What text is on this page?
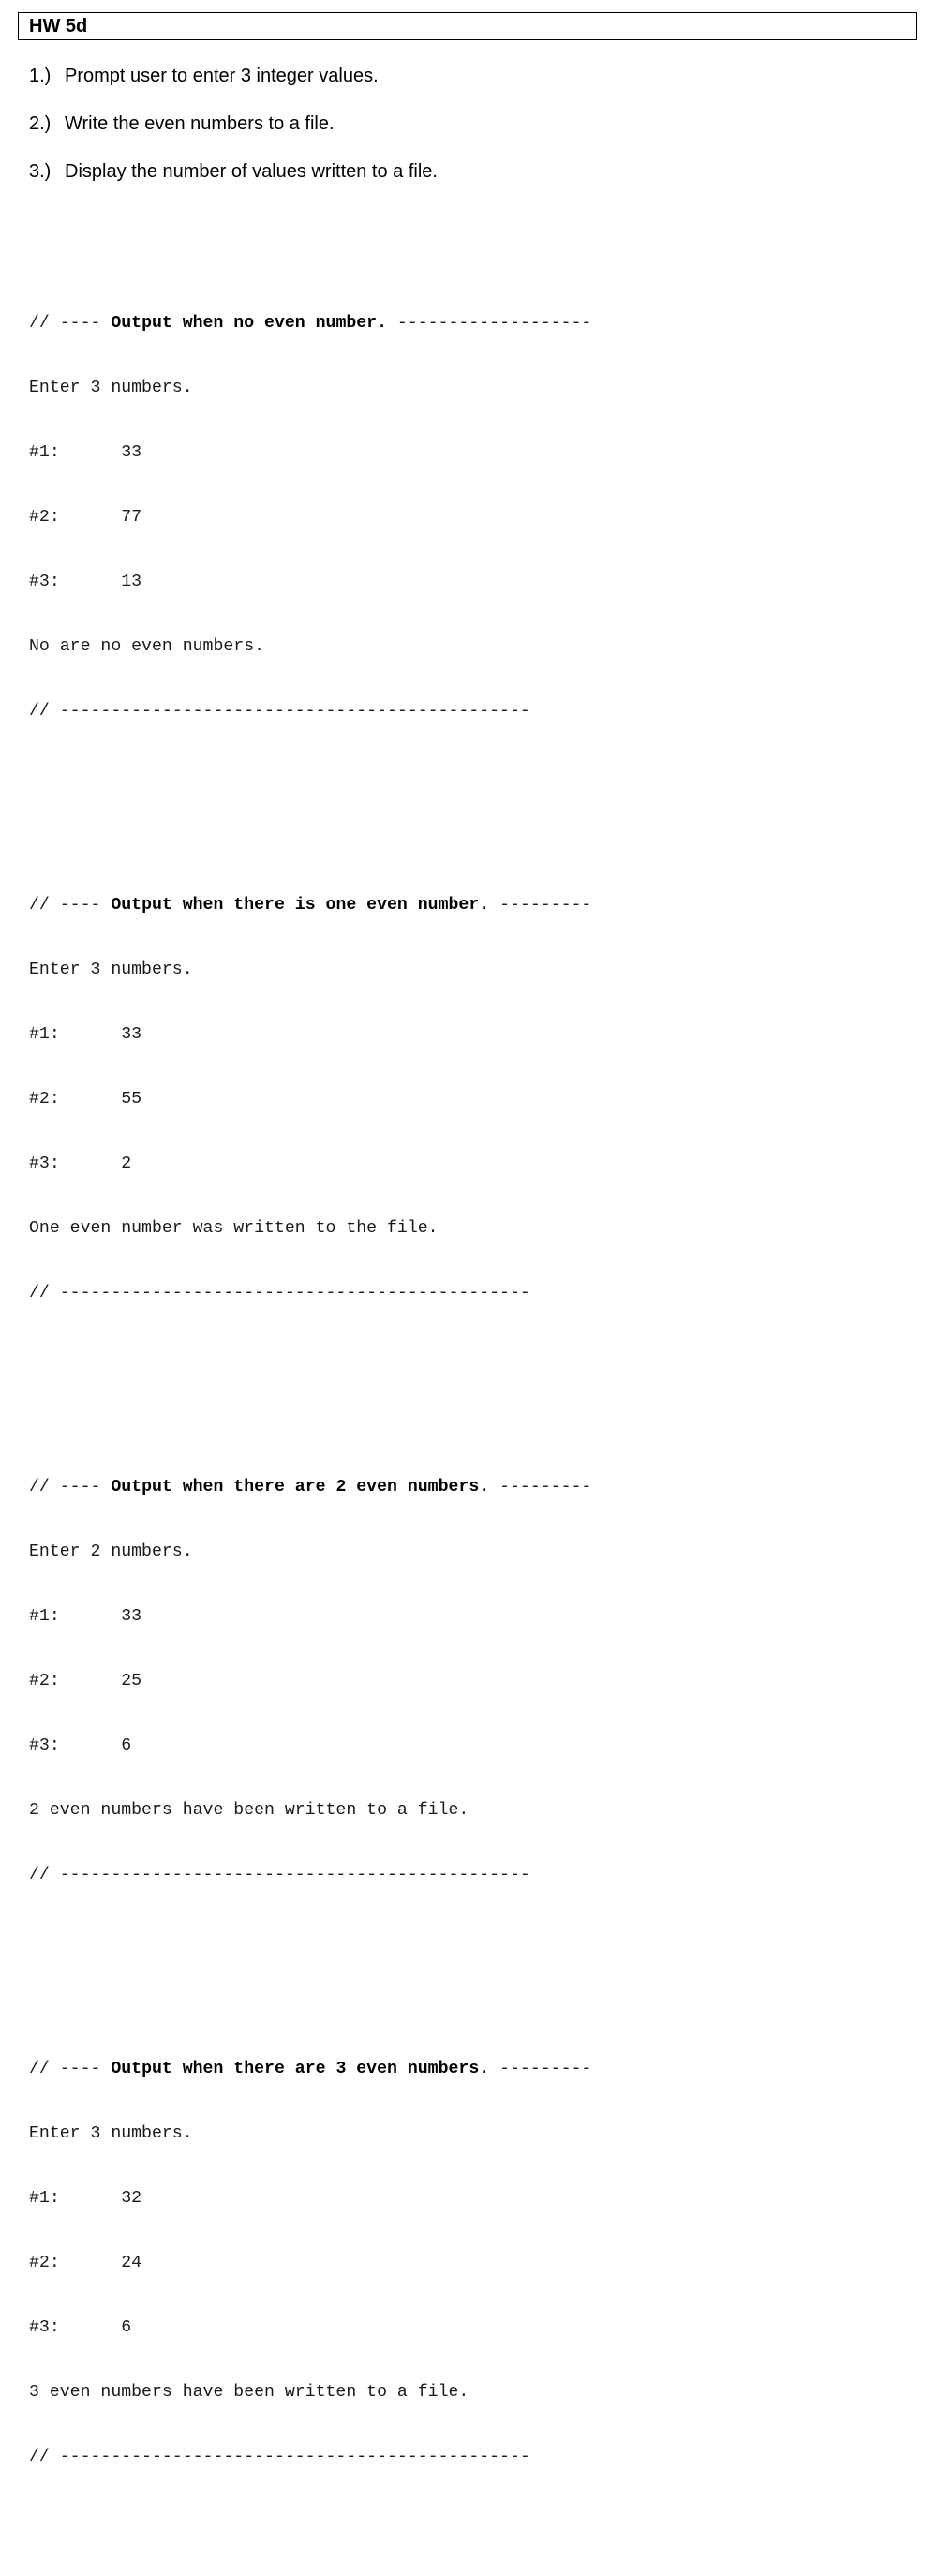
HW 5d
1.) Prompt user to enter 3 integer values.
2.) Write the even numbers to a file.
3.) Display the number of values written to a file.

// ---- Output when no even number. -------------------

Enter 3 numbers.

#1:	33

#2:	77

#3:	13

No are no even numbers.

// ----------------------------------------------

// ---- Output when there is one even number. ---------

Enter 3 numbers.

#1:	33

#2:	55

#3:	2

One even number was written to the file.

// ----------------------------------------------

// ---- Output when there are 2 even numbers. ---------

Enter 2 numbers.

#1:	33

#2:	25

#3:	6

2 even numbers have been written to a file.

// ----------------------------------------------

// ---- Output when there are 3 even numbers. ---------

Enter 3 numbers.

#1:	32

#2:	24

#3:	6

3 even numbers have been written to a file.

// ----------------------------------------------
